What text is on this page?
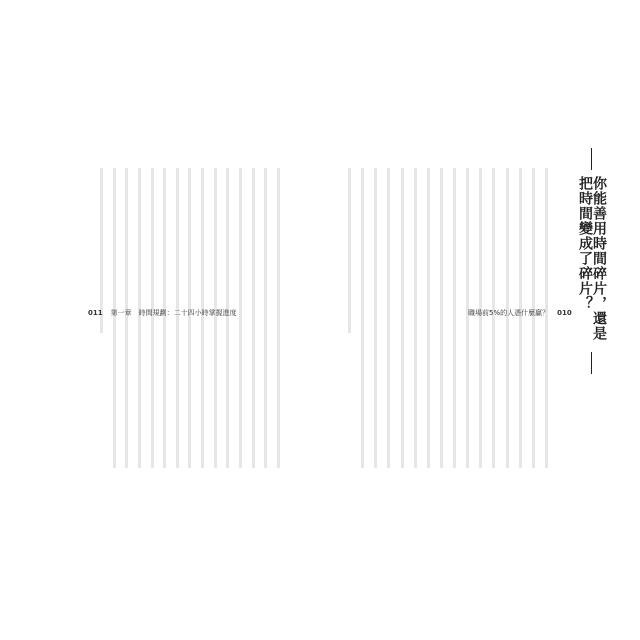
你能善用時間碎片，還是把時間變成了碎片？
011 第一章　時間規劃：二十四小時掌握進度	職場前5%的人憑什麼贏？ 010
